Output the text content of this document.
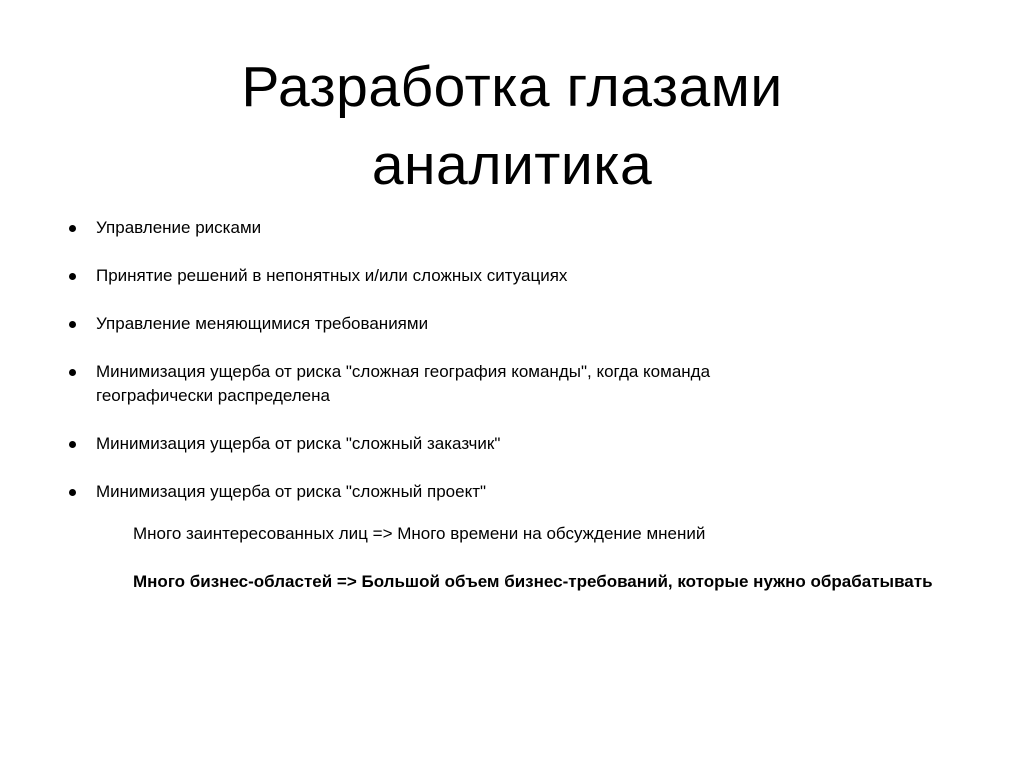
Разработка глазами
аналитика
Управление рисками
Принятие решений в непонятных и/или сложных ситуациях
Управление меняющимися требованиями
Минимизация ущерба от риска "сложная география команды", когда команда географически распределена
Минимизация ущерба от риска "сложный заказчик"
Минимизация ущерба от риска "сложный проект"

Много заинтересованных лиц => Много времени на обсуждение мнений

Много бизнес-областей => Большой объем бизнес-требований, которые нужно обрабатывать
